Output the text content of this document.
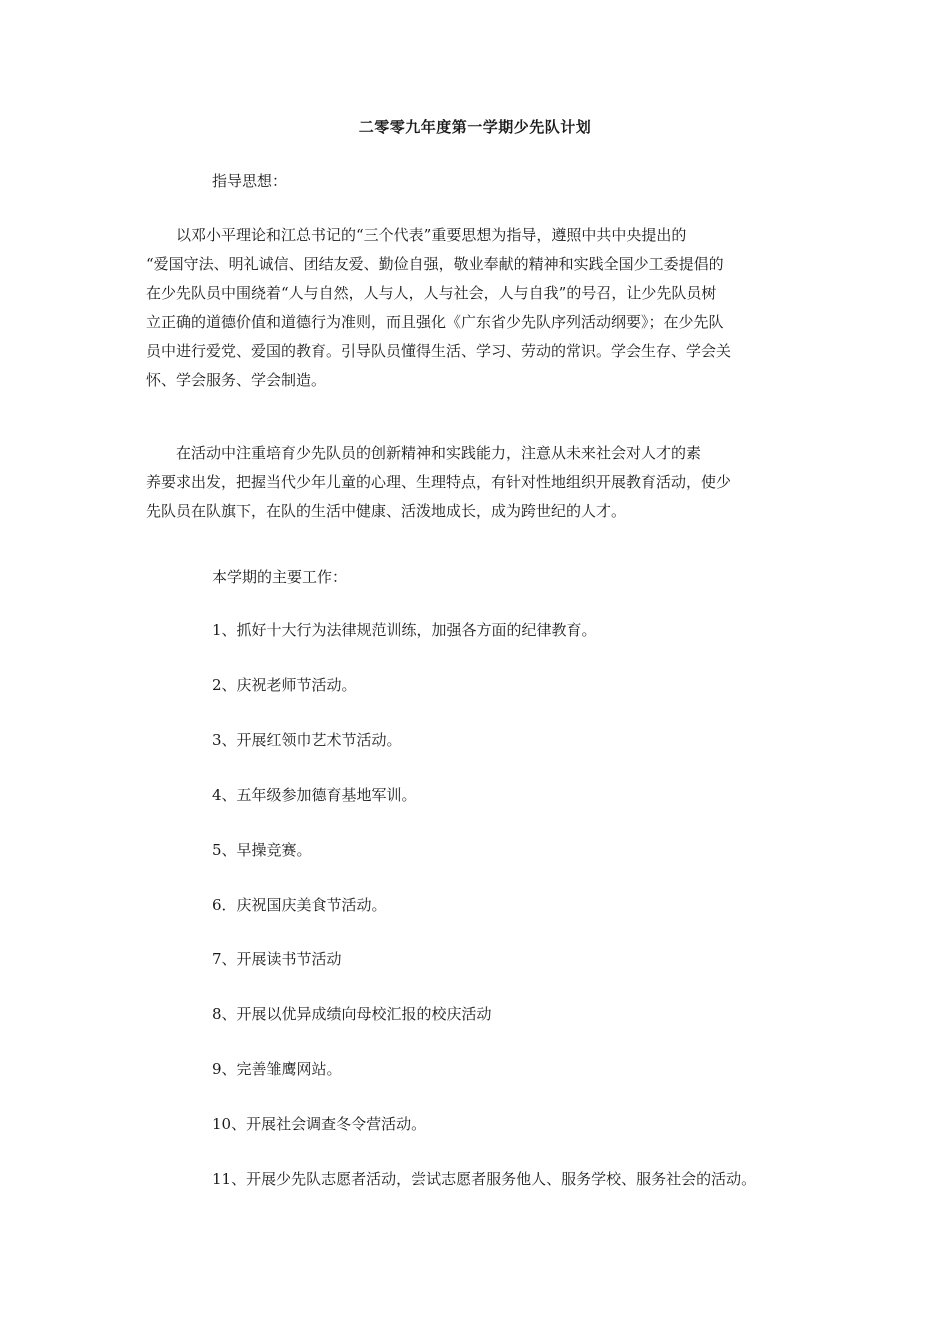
二零零九年度第一学期少先队计划
指导思想：
　　以邓小平理论和江总书记的“三个代表”重要思想为指导，遵照中共中央提出的
“爱国守法、明礼诚信、团结友爱、勤俭自强，敬业奉献的精神和实践全国少工委提倡的
在少先队员中围绕着“人与自然，人与人，人与社会，人与自我”的号召，让少先队员树
立正确的道德价值和道德行为准则，而且强化《广东省少先队序列活动纲要》；在少先队
员中进行爱党、爱国的教育。引导队员懂得生活、学习、劳动的常识。学会生存、学会关
怀、学会服务、学会制造。
　　在活动中注重培育少先队员的创新精神和实践能力，注意从未来社会对人才的素
养要求出发，把握当代少年儿童的心理、生理特点，有针对性地组织开展教育活动，使少
先队员在队旗下，在队的生活中健康、活泼地成长，成为跨世纪的人才。
本学期的主要工作：
1、抓好十大行为法律规范训练，加强各方面的纪律教育。
2、庆祝老师节活动。
3、开展红领巾艺术节活动。
4、五年级参加德育基地军训。
5、早操竞赛。
6．庆祝国庆美食节活动。
7、开展读书节活动
8、开展以优异成绩向母校汇报的校庆活动
9、完善雏鹰网站。
10、开展社会调查冬令营活动。
11、开展少先队志愿者活动，尝试志愿者服务他人、服务学校、服务社会的活动。
